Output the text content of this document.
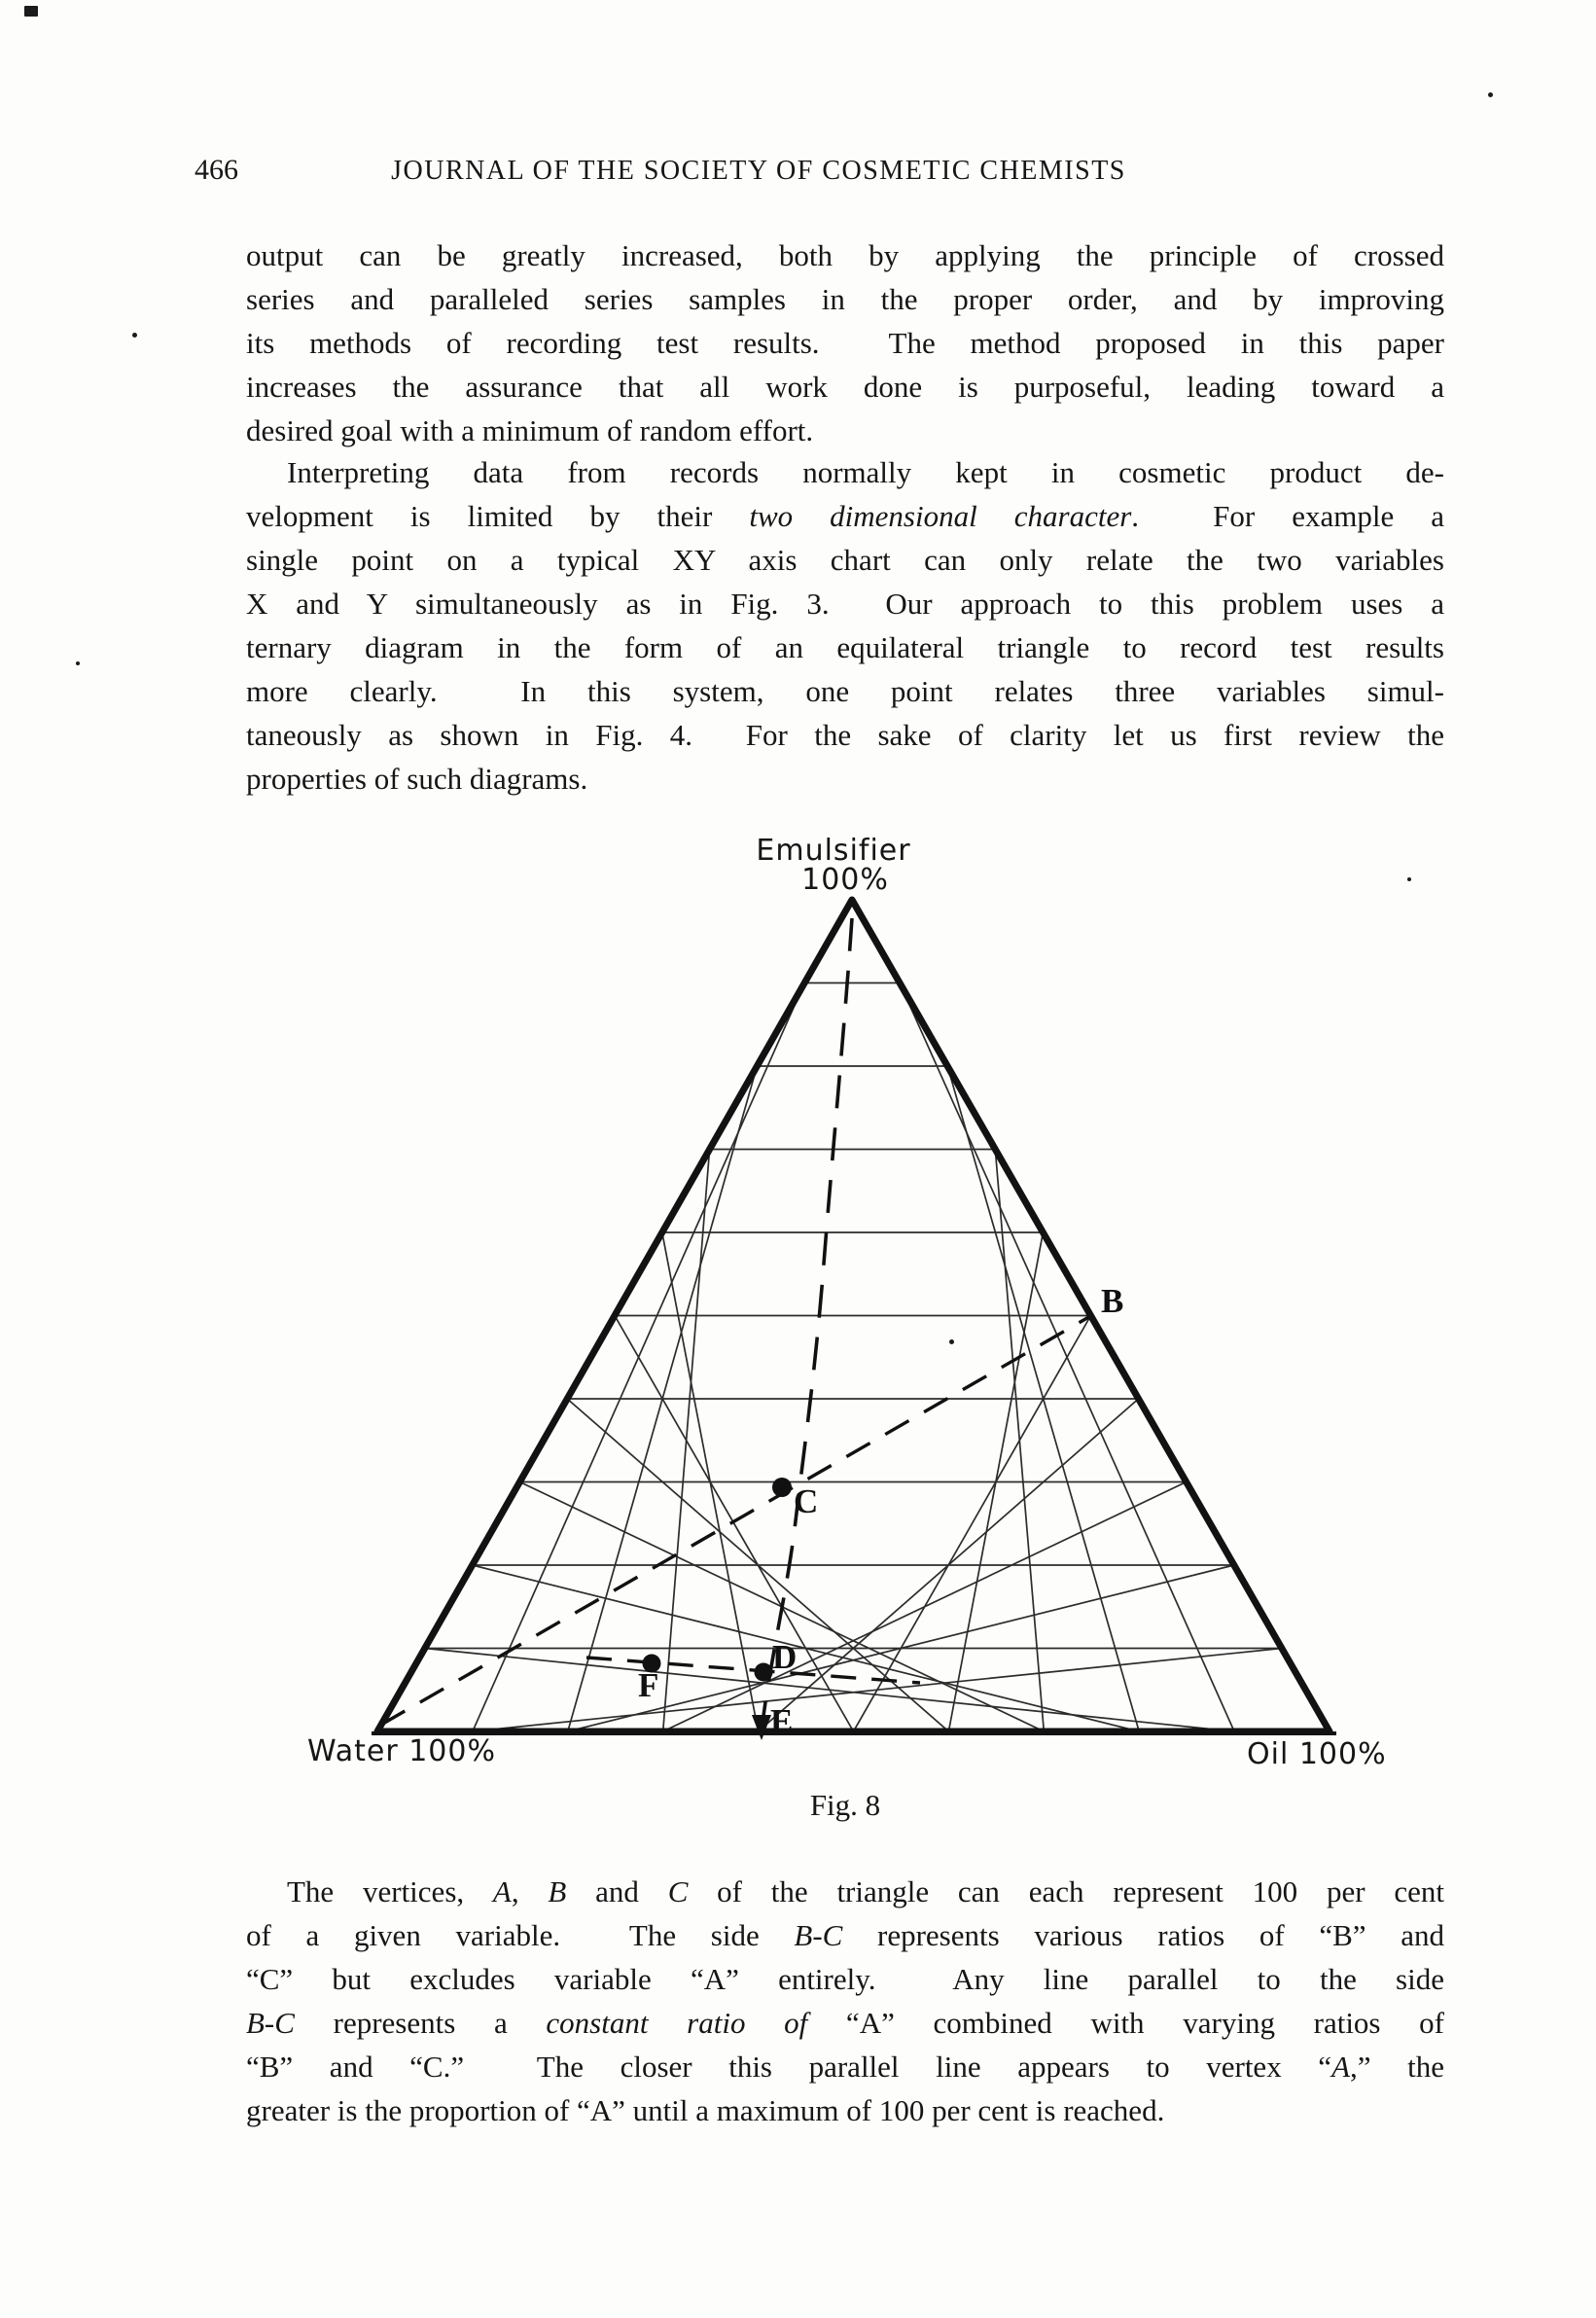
466	JOURNAL OF THE SOCIETY OF COSMETIC CHEMISTS
output can be greatly increased, both by applying the principle of crossed
series and paralleled series samples in the proper order, and by improving
its methods of recording test results.  The method proposed in this paper
increases the assurance that all work done is purposeful, leading toward a
desired goal with a minimum of random effort.
Interpreting data from records normally kept in cosmetic product de-
velopment is limited by their two dimensional character.  For example a
single point on a typical XY axis chart can only relate the two variables
X and Y simultaneously as in Fig. 3.  Our approach to this problem uses a
ternary diagram in the form of an equilateral triangle to record test results
more clearly.  In this system, one point relates three variables simul-
taneously as shown in Fig. 4.  For the sake of clarity let us first review the
properties of such diagrams.
Emulsifier
100%
Water 100%	Oil 100%
B
C
D
E
F
Fig. 8
The vertices, A, B and C of the triangle can each represent 100 per cent
of a given variable.  The side B-C represents various ratios of “B” and
“C” but excludes variable “A” entirely.  Any line parallel to the side
B-C represents a constant ratio of “A” combined with varying ratios of
“B” and “C.”  The closer this parallel line appears to vertex “A,” the
greater is the proportion of “A” until a maximum of 100 per cent is reached.
